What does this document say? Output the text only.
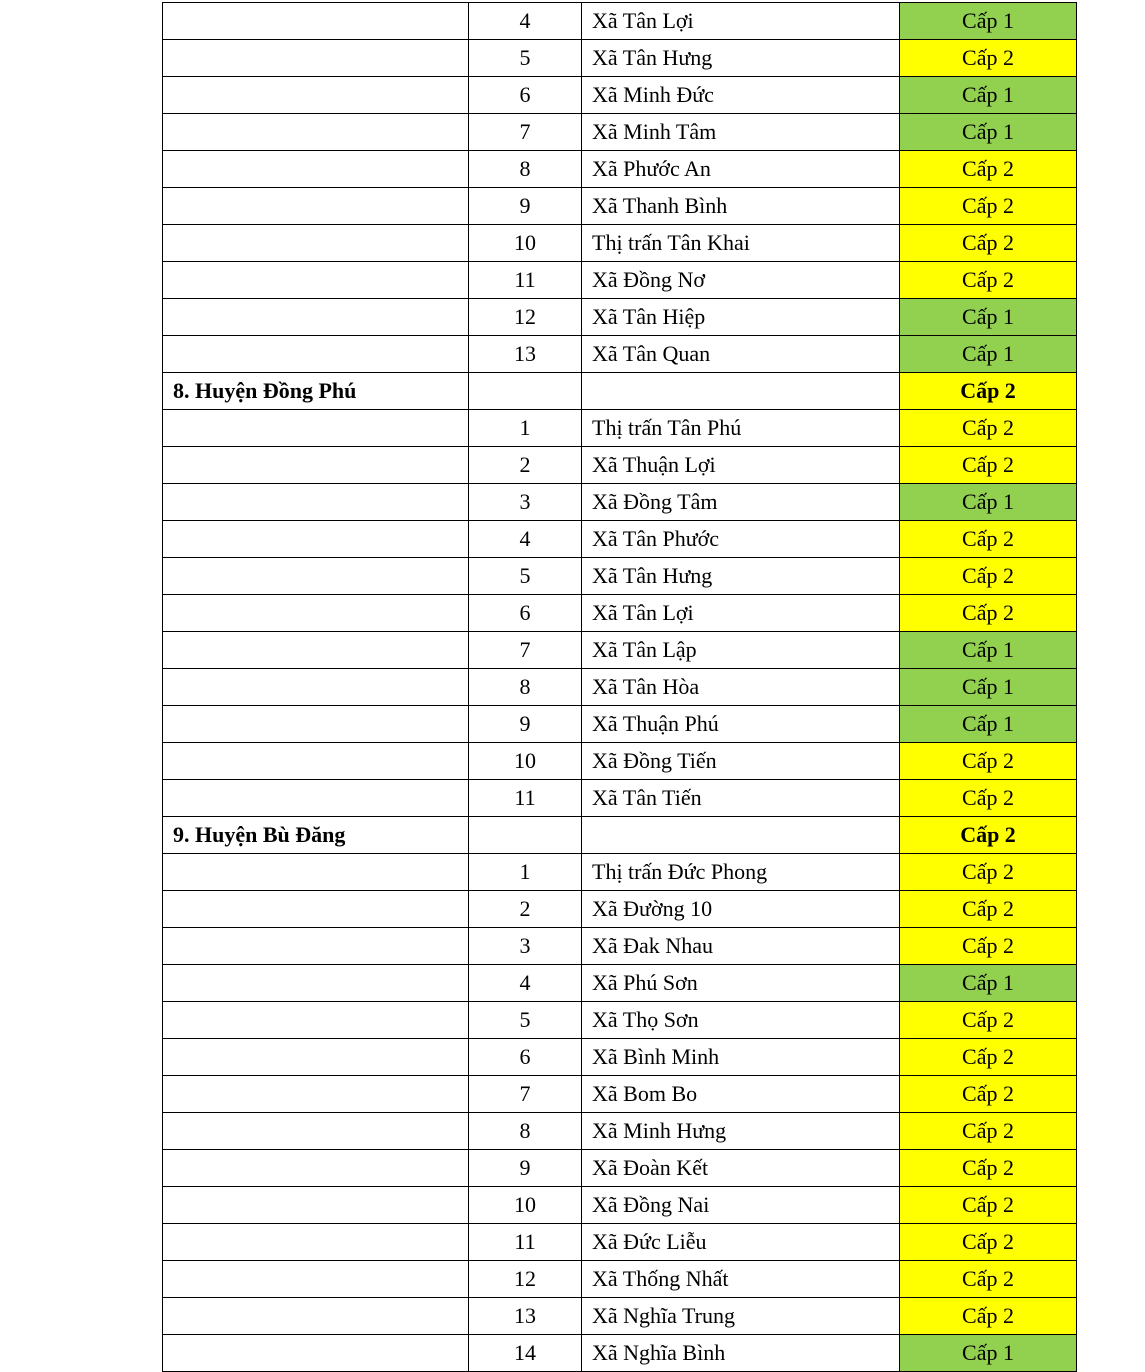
	4	Xã Tân Lợi	Cấp 1
	5	Xã Tân Hưng	Cấp 2
	6	Xã Minh Đức	Cấp 1
	7	Xã Minh Tâm	Cấp 1
	8	Xã Phước An	Cấp 2
	9	Xã Thanh Bình	Cấp 2
	10	Thị trấn Tân Khai	Cấp 2
	11	Xã Đồng Nơ	Cấp 2
	12	Xã Tân Hiệp	Cấp 1
	13	Xã Tân Quan	Cấp 1
8. Huyện Đồng Phú			Cấp 2
	1	Thị trấn Tân Phú	Cấp 2
	2	Xã Thuận Lợi	Cấp 2
	3	Xã Đồng Tâm	Cấp 1
	4	Xã Tân Phước	Cấp 2
	5	Xã Tân Hưng	Cấp 2
	6	Xã Tân Lợi	Cấp 2
	7	Xã Tân Lập	Cấp 1
	8	Xã Tân Hòa	Cấp 1
	9	Xã Thuận Phú	Cấp 1
	10	Xã Đồng Tiến	Cấp 2
	11	Xã Tân Tiến	Cấp 2
9. Huyện Bù Đăng			Cấp 2
	1	Thị trấn Đức Phong	Cấp 2
	2	Xã Đường 10	Cấp 2
	3	Xã Đak Nhau	Cấp 2
	4	Xã Phú Sơn	Cấp 1
	5	Xã Thọ Sơn	Cấp 2
	6	Xã Bình Minh	Cấp 2
	7	Xã Bom Bo	Cấp 2
	8	Xã Minh Hưng	Cấp 2
	9	Xã Đoàn Kết	Cấp 2
	10	Xã Đồng Nai	Cấp 2
	11	Xã Đức Liễu	Cấp 2
	12	Xã Thống Nhất	Cấp 2
	13	Xã Nghĩa Trung	Cấp 2
	14	Xã Nghĩa Bình	Cấp 1
